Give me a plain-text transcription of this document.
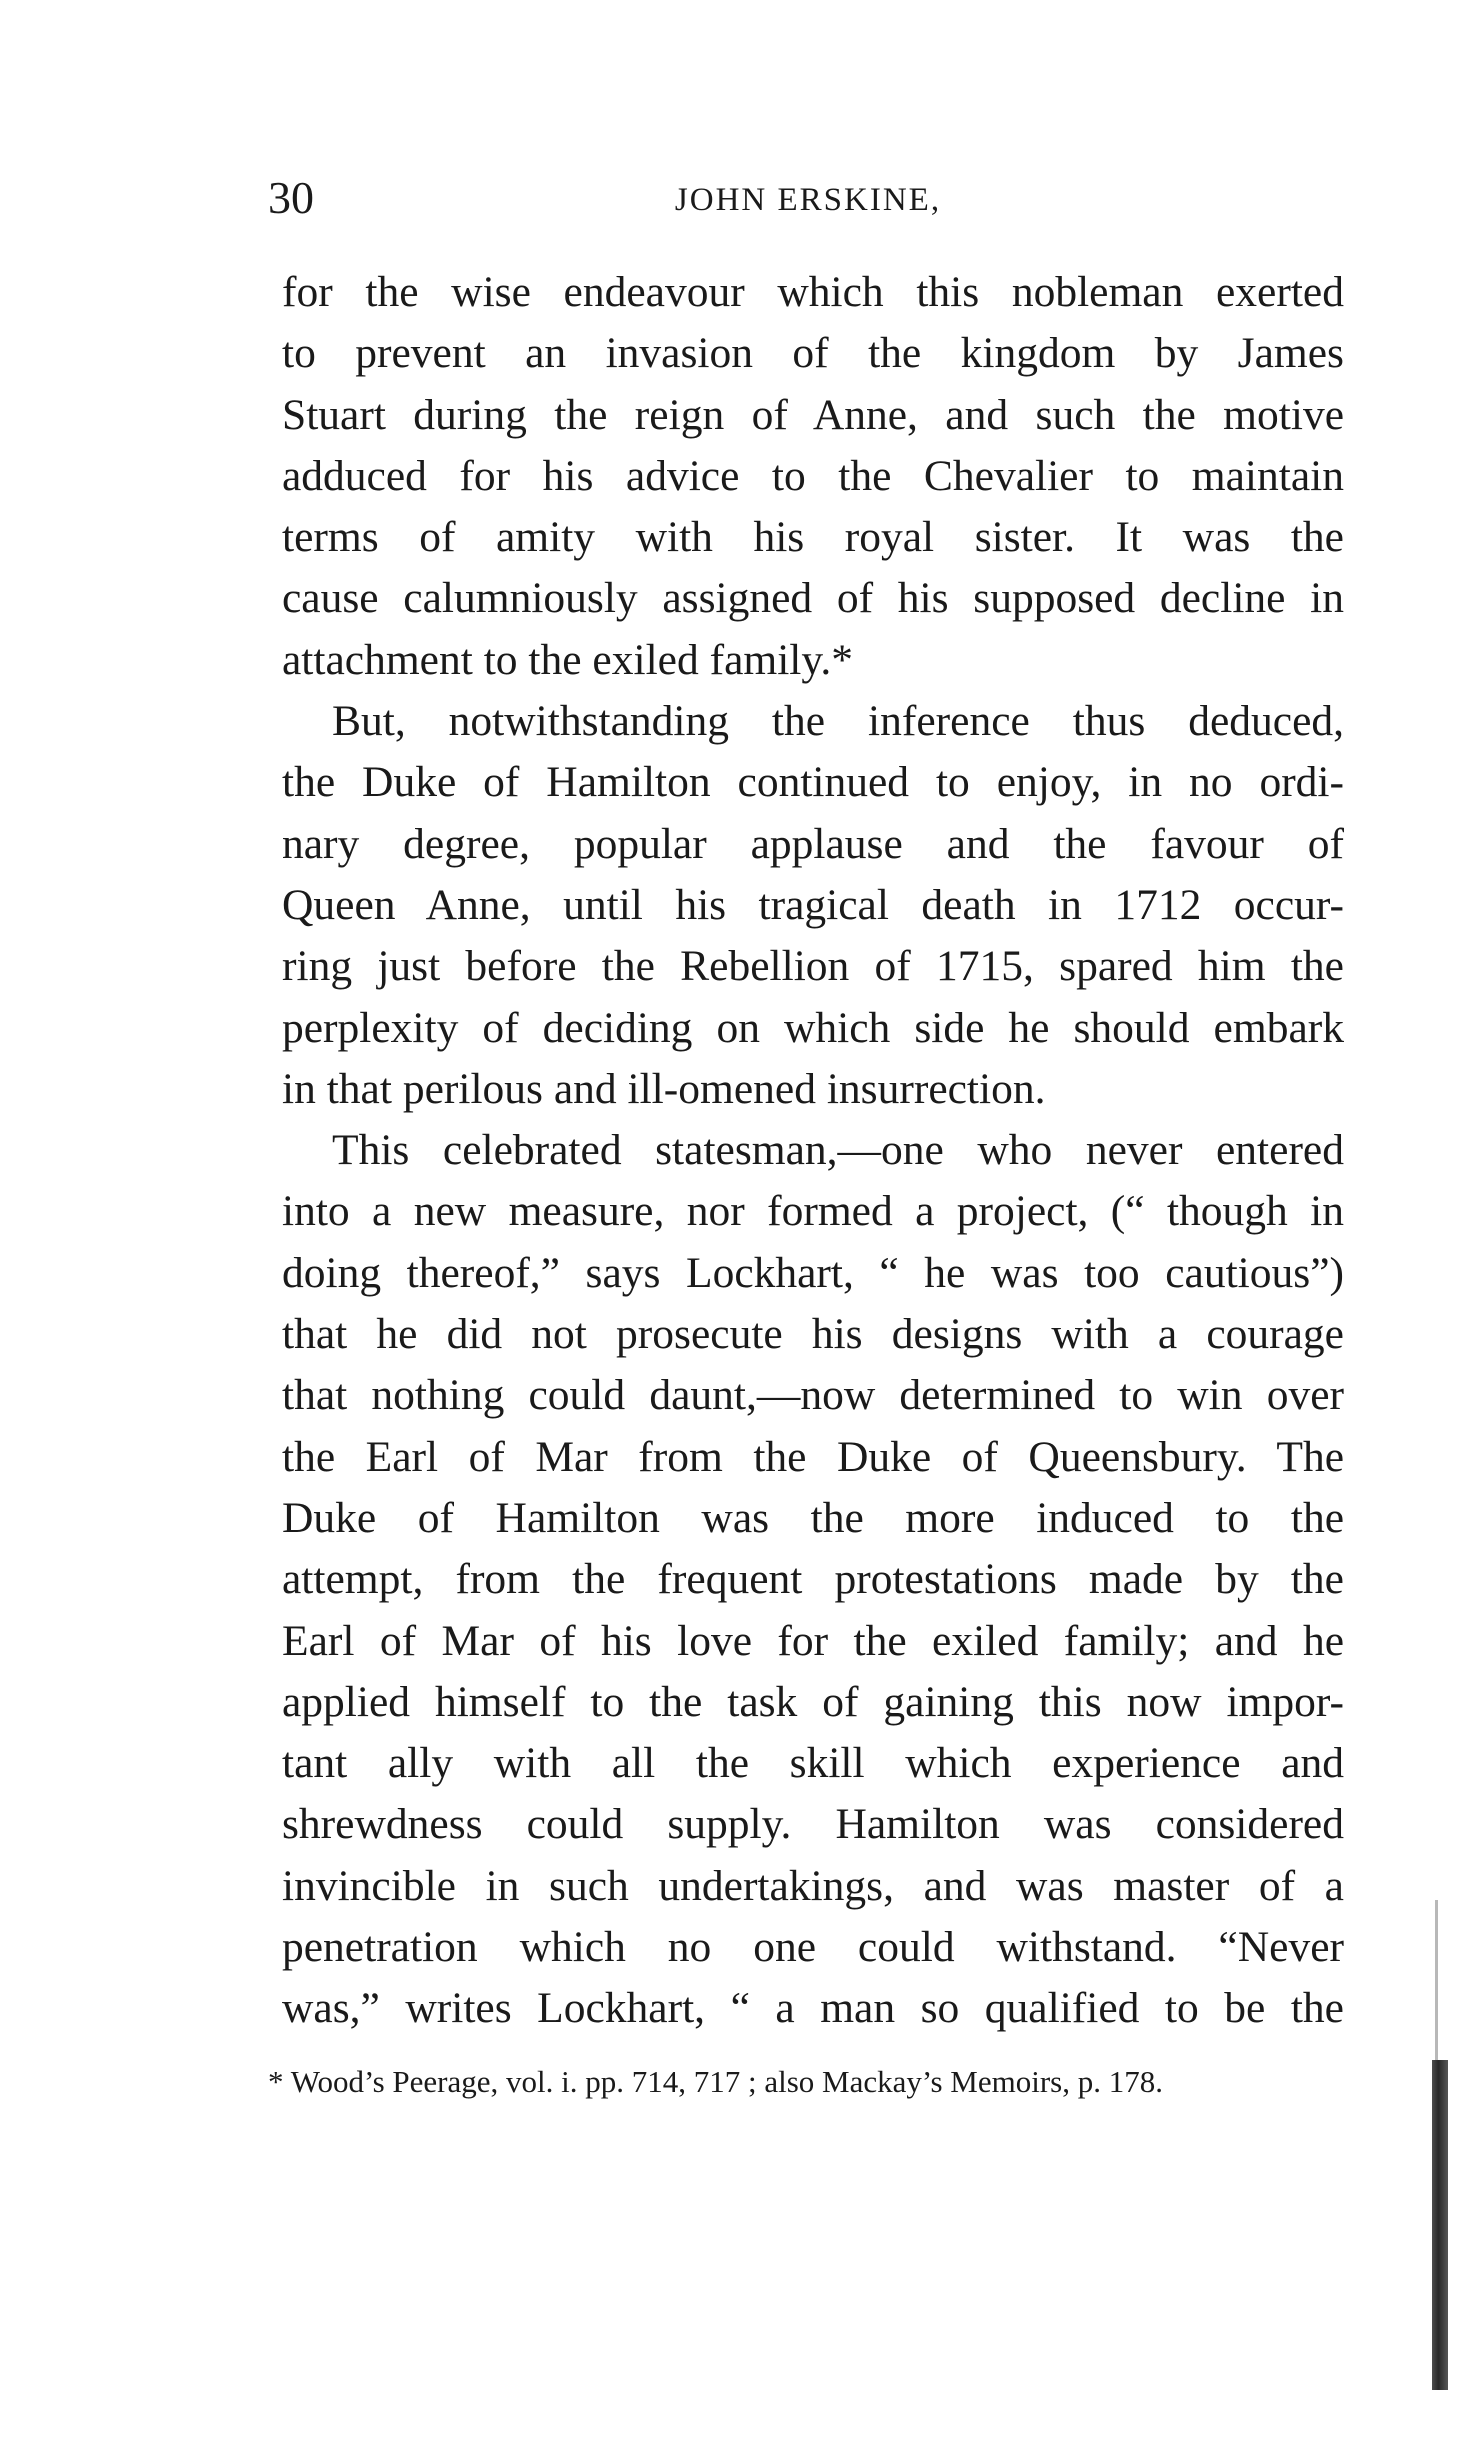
30	JOHN ERSKINE,
for the wise endeavour which this nobleman exerted
to prevent an invasion of the kingdom by James
Stuart during the reign of Anne, and such the motive
adduced for his advice to the Chevalier to maintain
terms of amity with his royal sister. It was the
cause calumniously assigned of his supposed decline in
attachment to the exiled family.*
But, notwithstanding the inference thus deduced,
the Duke of Hamilton continued to enjoy, in no ordi-
nary degree, popular applause and the favour of
Queen Anne, until his tragical death in 1712 occur-
ring just before the Rebellion of 1715, spared him the
perplexity of deciding on which side he should embark
in that perilous and ill-omened insurrection.
This celebrated statesman,—one who never entered
into a new measure, nor formed a project, (“ though in
doing thereof,” says Lockhart, “ he was too cautious”)
that he did not prosecute his designs with a courage
that nothing could daunt,—now determined to win over
the Earl of Mar from the Duke of Queensbury. The
Duke of Hamilton was the more induced to the
attempt, from the frequent protestations made by the
Earl of Mar of his love for the exiled family; and he
applied himself to the task of gaining this now impor-
tant ally with all the skill which experience and
shrewdness could supply. Hamilton was considered
invincible in such undertakings, and was master of a
penetration which no one could withstand. “Never
was,” writes Lockhart, “ a man so qualified to be the
* Wood’s Peerage, vol. i. pp. 714, 717 ; also Mackay’s Memoirs, p. 178.
